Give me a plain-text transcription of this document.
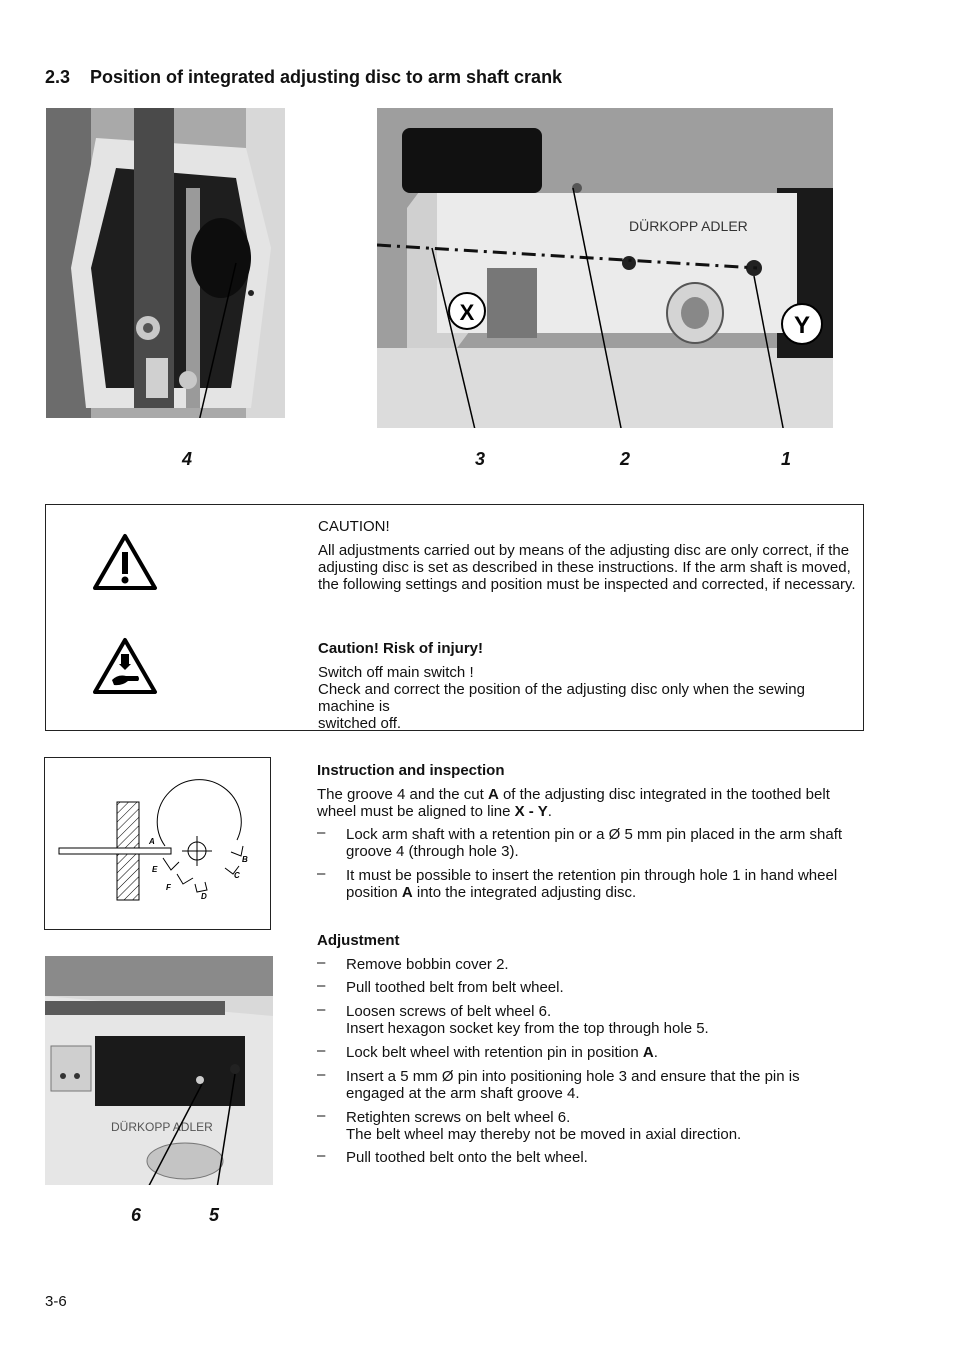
2.3 Position of integrated adjusting disc to arm shaft crank
X	Y
DÜRKOPP ADLER
4	3	2	1
CAUTION!
All adjustments carried out by means of the adjusting disc are only correct, if the adjusting disc is set as described in these instructions. If the arm shaft is moved, the following settings and position must be inspected and corrected, if necessary.
Caution! Risk of injury!
Switch off main switch !
Check and correct the position of the adjusting disc only when the sewing machine is
switched off.
A
B
C
D
E
F
DÜRKOPP ADLER
6	5
Instruction and inspection
The groove 4 and the cut A of the adjusting disc integrated in the toothed belt wheel must be aligned to line X - Y.
– Lock arm shaft with a retention pin or a Ø 5 mm pin placed in the arm shaft groove 4 (through hole 3).
– It must be possible to insert the retention pin through hole 1 in hand wheel position A into the integrated adjusting disc.
Adjustment
– Remove bobbin cover 2.
– Pull toothed belt from belt wheel.
– Loosen screws of belt wheel 6.
Insert hexagon socket key from the top through hole 5.
– Lock belt wheel with retention pin in position A.
– Insert a 5 mm Ø pin into positioning hole 3 and ensure that the pin is engaged at the arm shaft groove 4.
– Retighten screws on belt wheel 6.
The belt wheel may thereby not be moved in axial direction.
– Pull toothed belt onto the belt wheel.
3-6
